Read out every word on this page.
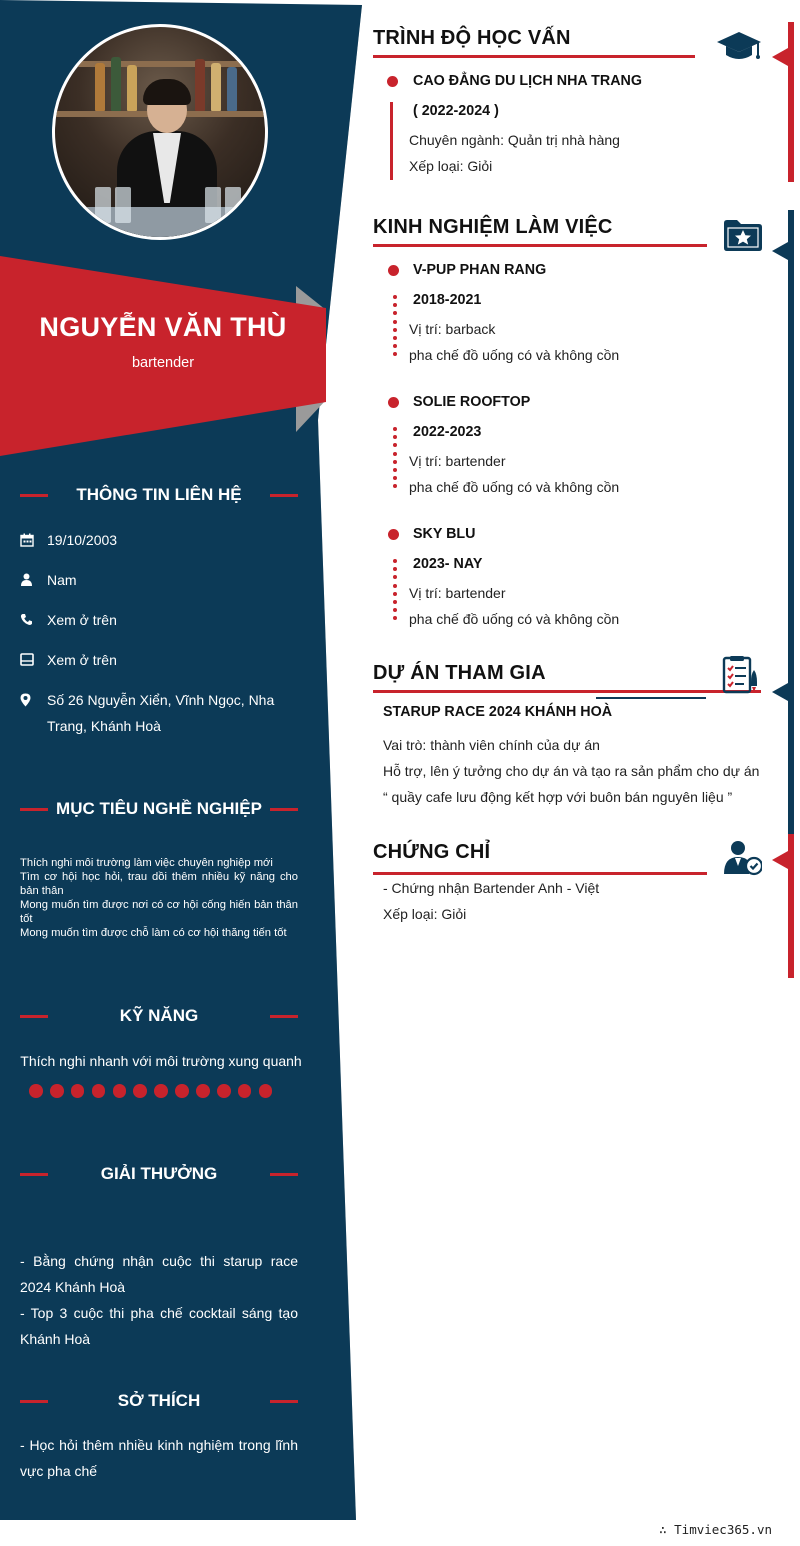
NGUYỄN VĂN THÙ
bartender
THÔNG TIN LIÊN HỆ
19/10/2003
Nam
Xem ở trên
Xem ở trên
Số 26 Nguyễn Xiển, Vĩnh Ngọc, Nha Trang, Khánh Hoà
MỤC TIÊU NGHỀ NGHIỆP

Thích nghi môi trường làm việc chuyên nghiệp mới

Tìm cơ hội học hỏi, trau dồi thêm nhiều kỹ năng cho bản thân

Mong muốn tìm được nơi có cơ hội cống hiến bản thân tốt

Mong muốn tìm được chỗ làm có cơ hội thăng tiến tốt

KỸ NĂNG
Thích nghi nhanh với môi trường xung quanh
GIẢI THƯỞNG

- Bằng chứng nhận cuộc thi starup race 2024 Khánh Hoà

- Top 3 cuộc thi pha chế cocktail sáng tạo Khánh Hoà

SỞ THÍCH

- Học hỏi thêm nhiều kinh nghiệm trong lĩnh vực pha chế

TRÌNH ĐỘ HỌC VẤN
CAO ĐẲNG DU LỊCH NHA TRANG
( 2022-2024 )
Chuyên ngành: Quản trị nhà hàng
Xếp loại: Giỏi
KINH NGHIỆM LÀM VIỆC
V-PUP PHAN RANG
2018-2021
Vị trí: barback
pha chế đồ uống có và không cồn
SOLIE ROOFTOP
2022-2023
Vị trí: bartender
pha chế đồ uống có và không cồn
SKY BLU
2023- NAY
Vị trí: bartender
pha chế đồ uống có và không cồn
DỰ ÁN THAM GIA
STARUP RACE 2024 KHÁNH HOÀ
Vai trò: thành viên chính của dự án
Hỗ trợ, lên ý tưởng cho dự án và tạo ra sản phẩm cho dự án
“ quầy cafe lưu động kết hợp với buôn bán nguyên liệu ”
CHỨNG CHỈ
- Chứng nhận Bartender Anh - Việt
Xếp loại: Giỏi
∴ Timviec365.vn
